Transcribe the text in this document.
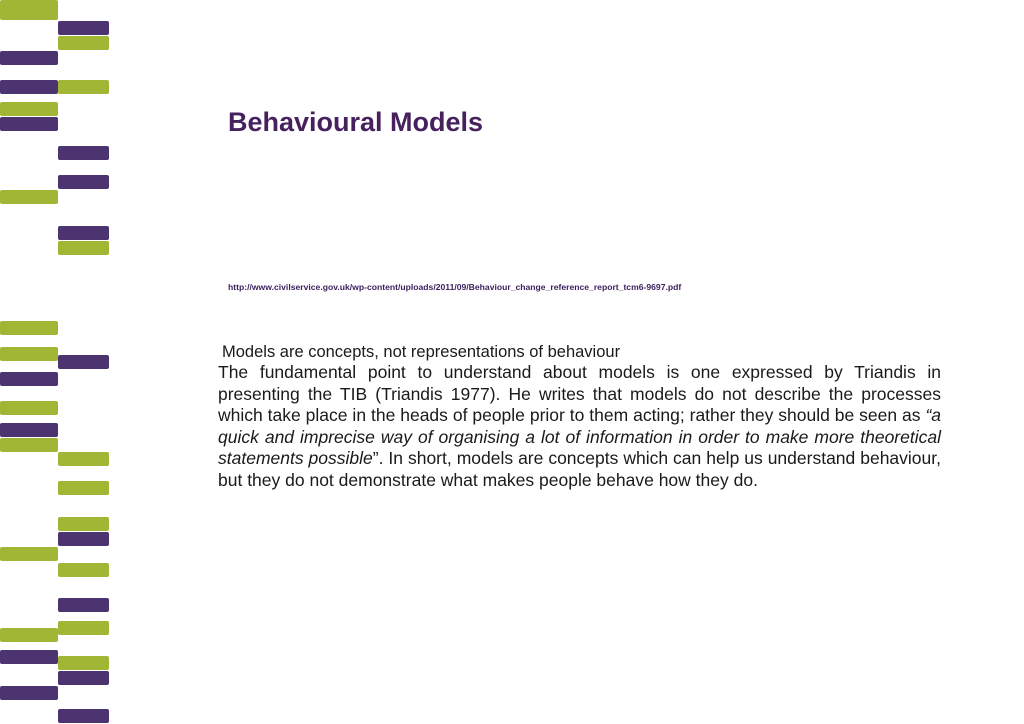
Behavioural Models
http://www.civilservice.gov.uk/wp-content/uploads/2011/09/Behaviour_change_reference_report_tcm6-9697.pdf

Models are concepts, not representations of behaviour

The fundamental point to understand about models is one expressed by Triandis in presenting the TIB (Triandis 1977). He writes that models do not describe the processes which take place in the heads of people prior to them acting; rather they should be seen as “a quick and imprecise way of organising a lot of information in order to make more theoretical statements possible”. In short, models are concepts which can help us understand behaviour, but they do not demonstrate what makes people behave how they do.
